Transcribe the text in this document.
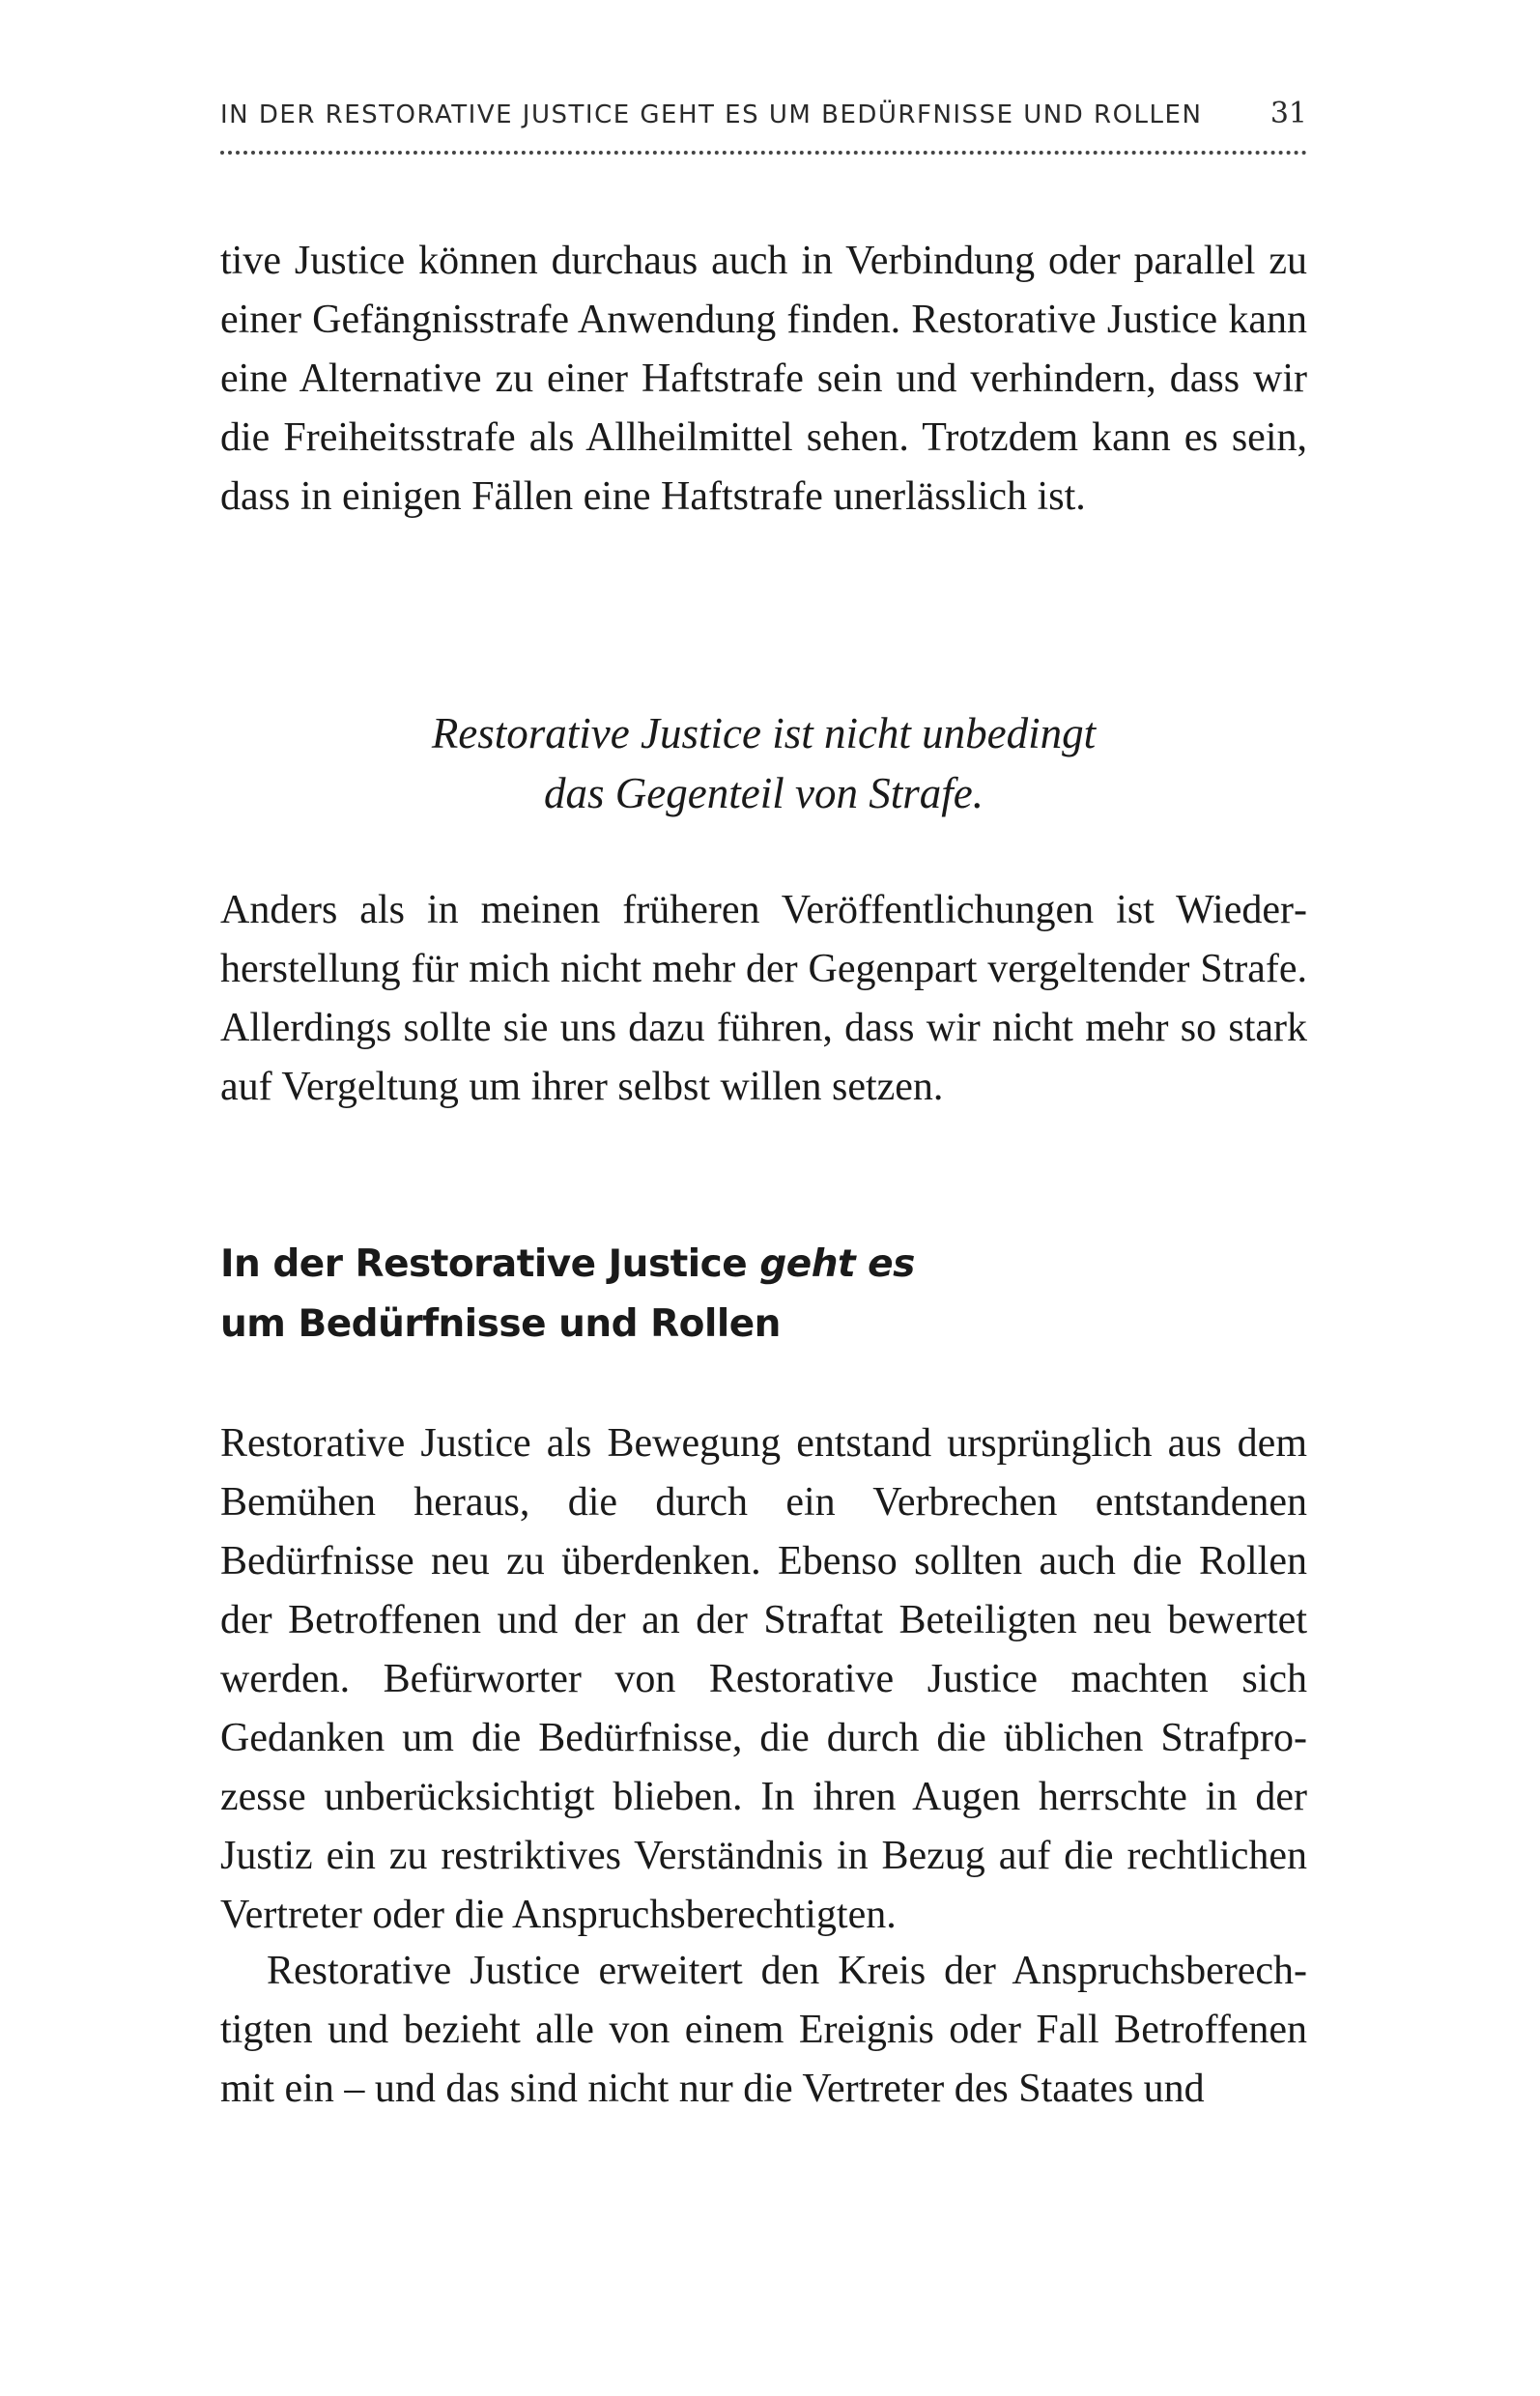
IN DER RESTORATIVE JUSTICE GEHT ES UM BEDÜRFNISSE UND ROLLEN 31

tive Justice können durchaus auch in Verbindung oder parallel zu einer Gefängnisstrafe Anwendung finden. Restorative Justice kann eine Alternative zu einer Haftstrafe sein und verhindern, dass wir die Freiheitsstrafe als Allheilmittel sehen. Trotzdem kann es sein, dass in einigen Fällen eine Haftstrafe unerlässlich ist.

Restorative Justice ist nicht unbedingt
das Gegenteil von Strafe.

Anders als in meinen früheren Veröffentlichungen ist Wiederherstellung für mich nicht mehr der Gegenpart vergeltender Strafe. Allerdings sollte sie uns dazu führen, dass wir nicht mehr so stark auf Vergeltung um ihrer selbst willen setzen.

In der Restorative Justice geht es
um Bedürfnisse und Rollen

Restorative Justice als Bewegung entstand ursprünglich aus dem Bemühen heraus, die durch ein Verbrechen entstandenen Bedürfnisse neu zu überdenken. Ebenso sollten auch die Rollen der Betroffenen und der an der Straftat Beteiligten neu bewertet werden. Befürworter von Restorative Justice machten sich Gedanken um die Bedürfnisse, die durch die üblichen Strafprozesse unberücksichtigt blieben. In ihren Augen herrschte in der Justiz ein zu restriktives Verständnis in Bezug auf die rechtlichen Vertreter oder die Anspruchsberechtigten.

Restorative Justice erweitert den Kreis der Anspruchsberechtigten und bezieht alle von einem Ereignis oder Fall Betroffenen mit ein – und das sind nicht nur die Vertreter des Staates und
